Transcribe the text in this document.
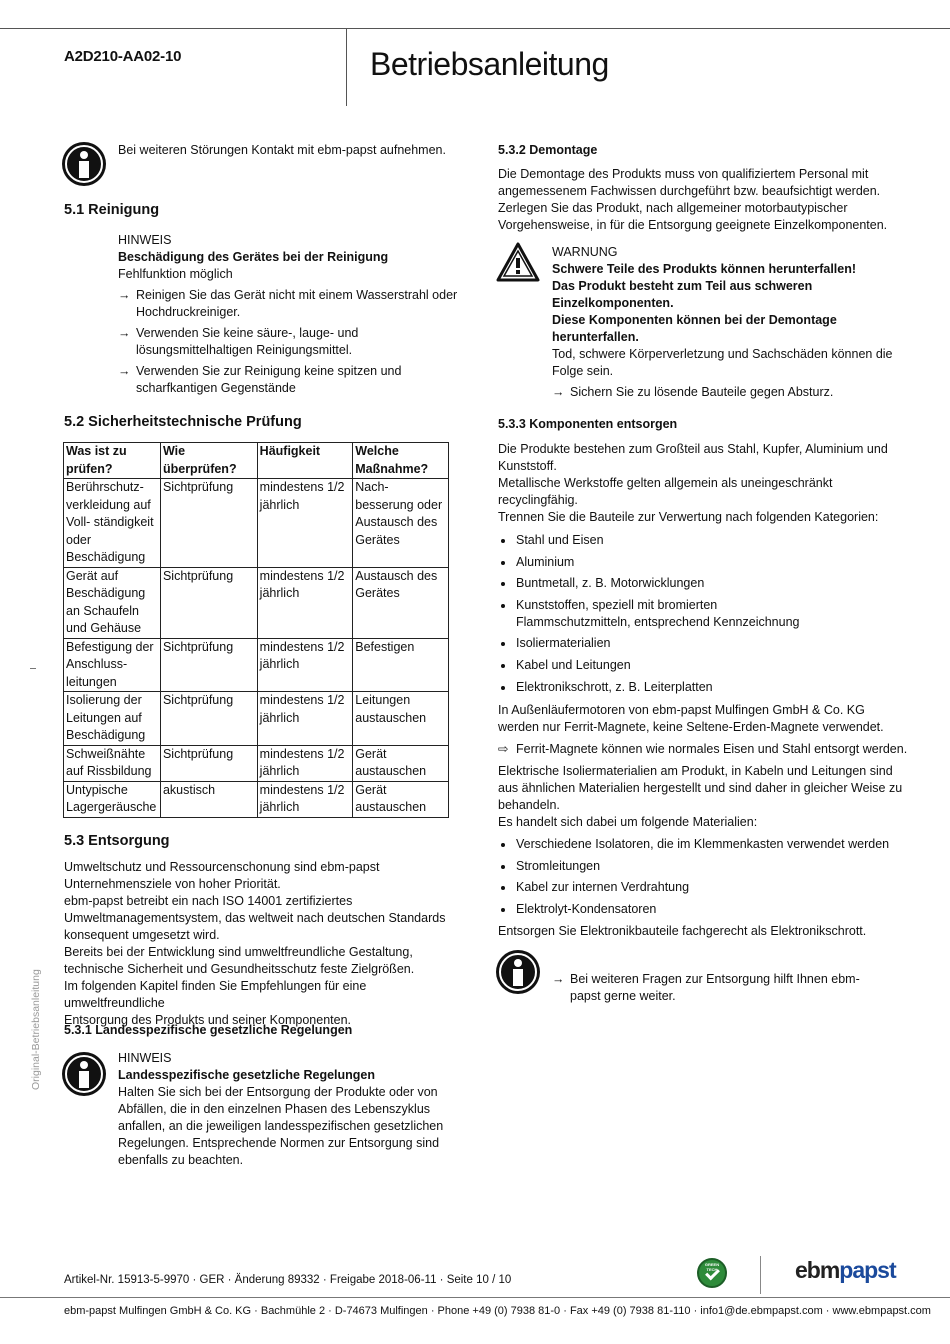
A2D210-AA02-10	Betriebsanleitung
Bei weiteren Störungen Kontakt mit ebm-papst aufnehmen.
5.1 Reinigung
HINWEIS
Beschädigung des Gerätes bei der Reinigung
Fehlfunktion möglich
→ Reinigen Sie das Gerät nicht mit einem Wasserstrahl oder Hochdruckreiniger.
→ Verwenden Sie keine säure-, lauge- und lösungsmittelhaltigen Reinigungsmittel.
→ Verwenden Sie zur Reinigung keine spitzen und scharfkantigen Gegenstände
5.2 Sicherheitstechnische Prüfung
Was ist zu prüfen?	Wie überprüfen?	Häufigkeit	Welche Maßnahme?
Berührschutz-verkleidung auf Voll- ständigkeit oder Beschädigung	Sichtprüfung	mindestens 1/2 jährlich	Nach-besserung oder Austausch des Gerätes
Gerät auf Beschädigung an Schaufeln und Gehäuse	Sichtprüfung	mindestens 1/2 jährlich	Austausch des Gerätes
Befestigung der Anschluss-leitungen	Sichtprüfung	mindestens 1/2 jährlich	Befestigen
Isolierung der Leitungen auf Beschädigung	Sichtprüfung	mindestens 1/2 jährlich	Leitungen austauschen
Schweißnähte auf Rissbildung	Sichtprüfung	mindestens 1/2 jährlich	Gerät austauschen
Untypische Lagergeräusche	akustisch	mindestens 1/2 jährlich	Gerät austauschen
5.3 Entsorgung
Umweltschutz und Ressourcenschonung sind ebm-papst
Unternehmensziele von hoher Priorität.
ebm-papst betreibt ein nach ISO 14001 zertifiziertes
Umweltmanagementsystem, das weltweit nach deutschen Standards
konsequent umgesetzt wird.
Bereits bei der Entwicklung sind umweltfreundliche Gestaltung,
technische Sicherheit und Gesundheitsschutz feste Zielgrößen.
Im folgenden Kapitel finden Sie Empfehlungen für eine umweltfreundliche
Entsorgung des Produkts und seiner Komponenten.
5.3.1 Landesspezifische gesetzliche Regelungen
HINWEIS
Landesspezifische gesetzliche Regelungen
Halten Sie sich bei der Entsorgung der Produkte oder von
Abfällen, die in den einzelnen Phasen des Lebenszyklus
anfallen, an die jeweiligen landesspezifischen gesetzlichen
Regelungen. Entsprechende Normen zur Entsorgung sind
ebenfalls zu beachten.
Original-Betriebsanleitung
5.3.2 Demontage
Die Demontage des Produkts muss von qualifiziertem Personal mit
angemessenem Fachwissen durchgeführt bzw. beaufsichtigt werden.
Zerlegen Sie das Produkt, nach allgemeiner motorbautypischer
Vorgehensweise, in für die Entsorgung geeignete Einzelkomponenten.
WARNUNG
Schwere Teile des Produkts können herunterfallen!
Das Produkt besteht zum Teil aus schweren
Einzelkomponenten.
Diese Komponenten können bei der Demontage
herunterfallen.
Tod, schwere Körperverletzung und Sachschäden können die
Folge sein.
→ Sichern Sie zu lösende Bauteile gegen Absturz.
5.3.3 Komponenten entsorgen
Die Produkte bestehen zum Großteil aus Stahl, Kupfer, Aluminium und
Kunststoff.
Metallische Werkstoffe gelten allgemein als uneingeschränkt
recyclingfähig.
Trennen Sie die Bauteile zur Verwertung nach folgenden Kategorien:
Stahl und Eisen
Aluminium
Buntmetall, z. B. Motorwicklungen
Kunststoffen, speziell mit bromierten Flammschutzmitteln, entsprechend Kennzeichnung
Isoliermaterialien
Kabel und Leitungen
Elektronikschrott, z. B. Leiterplatten
In Außenläufermotoren von ebm-papst Mulfingen GmbH & Co. KG
werden nur Ferrit-Magnete, keine Seltene-Erden-Magnete verwendet.
⇨ Ferrit-Magnete können wie normales Eisen und Stahl entsorgt werden.
Elektrische Isoliermaterialien am Produkt, in Kabeln und Leitungen sind
aus ähnlichen Materialien hergestellt und sind daher in gleicher Weise zu
behandeln.
Es handelt sich dabei um folgende Materialien:
Verschiedene Isolatoren, die im Klemmenkasten verwendet werden
Stromleitungen
Kabel zur internen Verdrahtung
Elektrolyt-Kondensatoren
Entsorgen Sie Elektronikbauteile fachgerecht als Elektronikschrott.
→ Bei weiteren Fragen zur Entsorgung hilft Ihnen ebm-papst gerne weiter.
Artikel-Nr. 15913-5-9970 · GER · Änderung 89332 · Freigabe 2018-06-11 · Seite 10 / 10
GREEN TECH	ebmpapst
ebm-papst Mulfingen GmbH & Co. KG · Bachmühle 2 · D-74673 Mulfingen · Phone +49 (0) 7938 81-0 · Fax +49 (0) 7938 81-110 · info1@de.ebmpapst.com · www.ebmpapst.com
